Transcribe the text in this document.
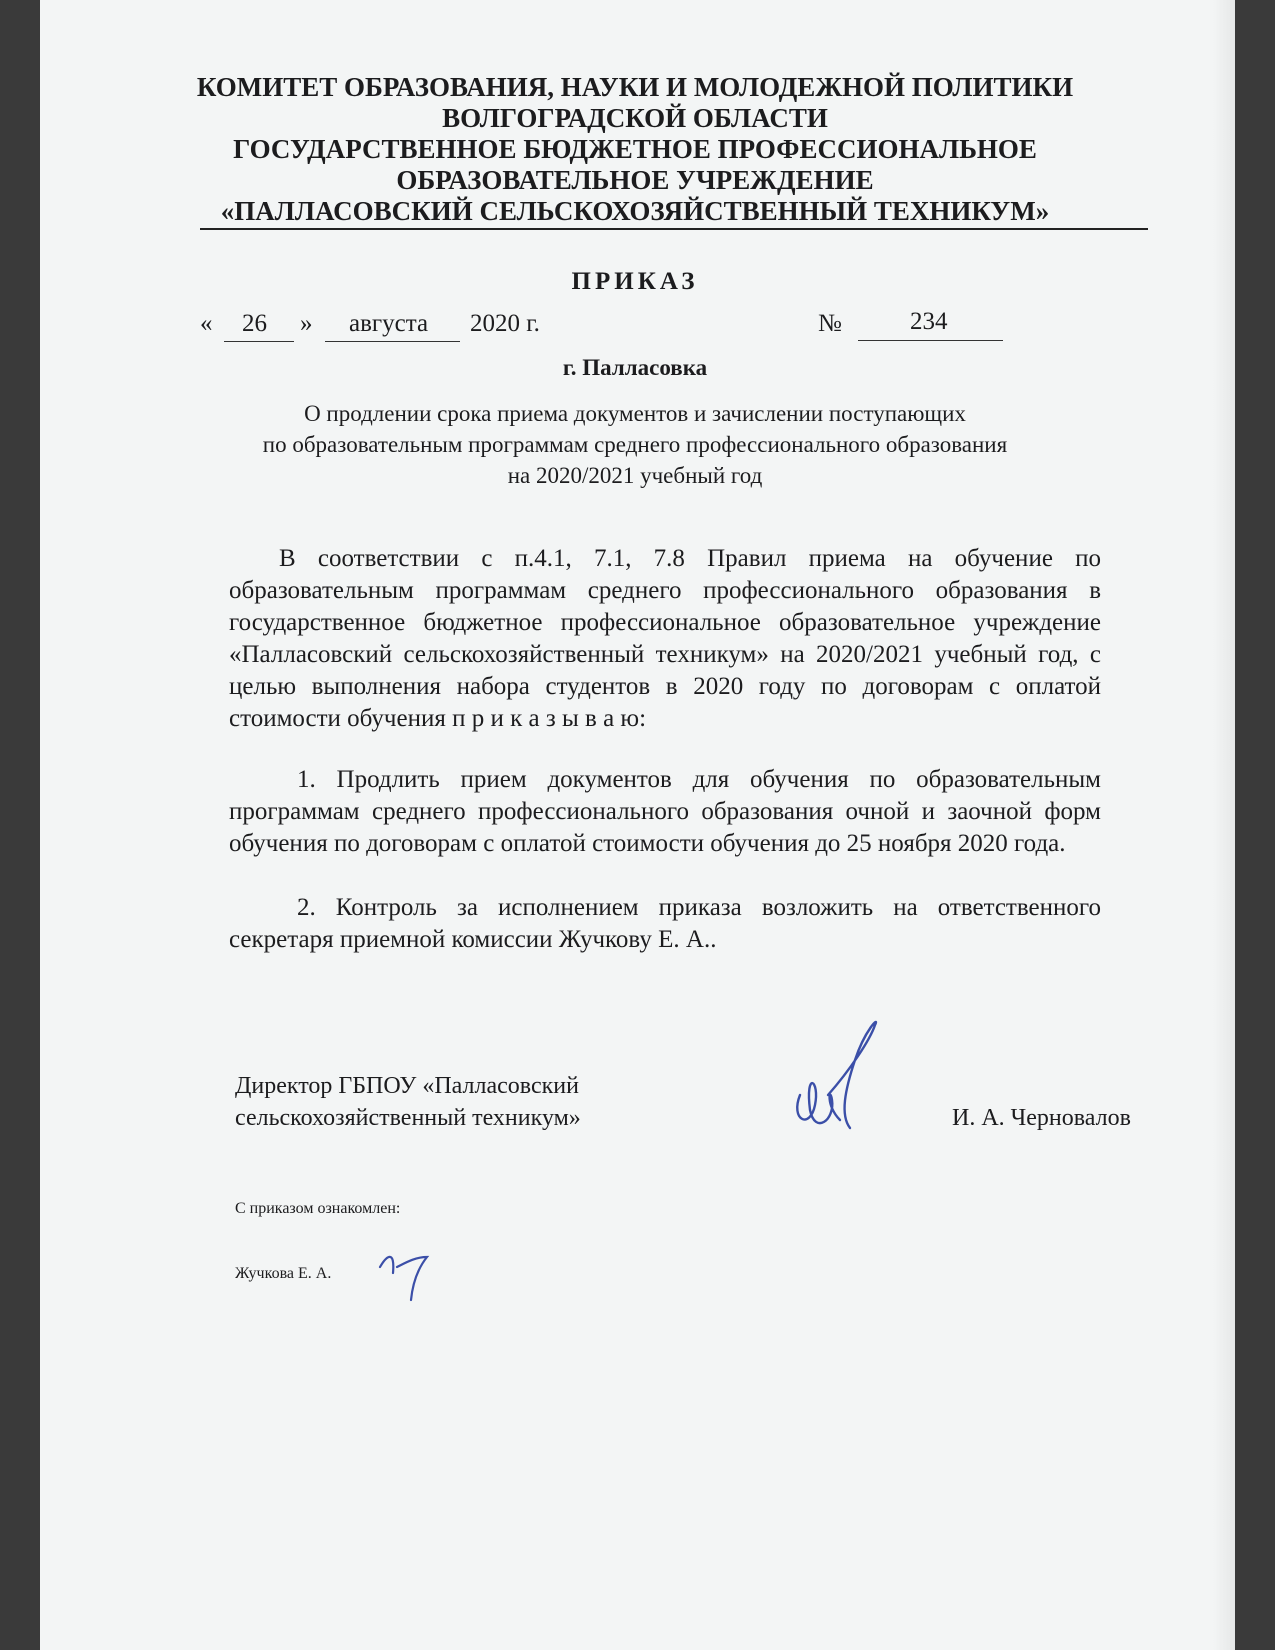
КОМИТЕТ ОБРАЗОВАНИЯ, НАУКИ И МОЛОДЕЖНОЙ ПОЛИТИКИ
ВОЛГОГРАДСКОЙ ОБЛАСТИ
ГОСУДАРСТВЕННОЕ БЮДЖЕТНОЕ ПРОФЕССИОНАЛЬНОЕ
ОБРАЗОВАТЕЛЬНОЕ УЧРЕЖДЕНИЕ
«ПАЛЛАСОВСКИЙ СЕЛЬСКОХОЗЯЙСТВЕННЫЙ ТЕХНИКУМ»
ПРИКАЗ
« 26 » августа 2020 г.	№	234
г. Палласовка
О продлении срока приема документов и зачислении поступающих
по образовательным программам среднего профессионального образования
на 2020/2021 учебный год
В соответствии с п.4.1, 7.1, 7.8 Правил приема на обучение по образовательным программам среднего профессионального образования в государственное бюджетное профессиональное образовательное учреждение «Палласовский сельскохозяйственный техникум» на 2020/2021 учебный год, с целью выполнения набора студентов в 2020 году по договорам с оплатой стоимости обучения п р и к а з ы в а ю:
1. Продлить прием документов для обучения по образовательным программам среднего профессионального образования очной и заочной форм обучения по договорам с оплатой стоимости обучения до 25 ноября 2020 года.
2. Контроль за исполнением приказа возложить на ответственного секретаря приемной комиссии Жучкову Е. А..
Директор ГБПОУ «Палласовский
сельскохозяйственный техникум»	И. А. Черновалов
С приказом ознакомлен:
Жучкова Е. А.
